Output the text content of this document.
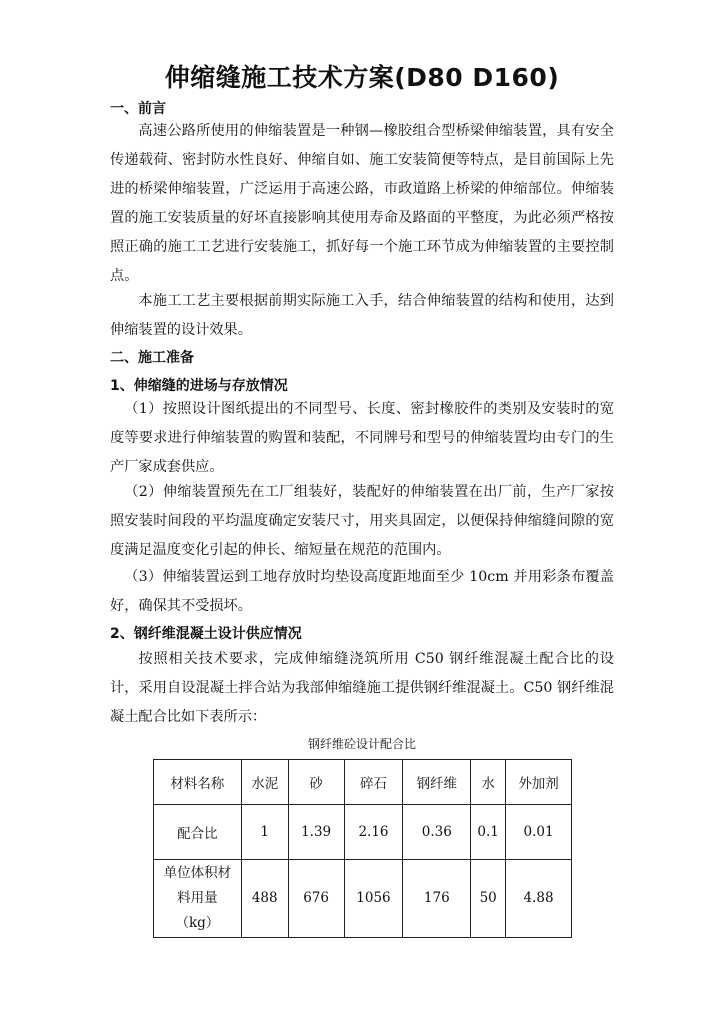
伸缩缝施工技术方案(D80 D160)
一、前言

高速公路所使用的伸缩装置是一种钢—橡胶组合型桥梁伸缩装置，具有安全传递载荷、密封防水性良好、伸缩自如、施工安装简便等特点，是目前国际上先进的桥梁伸缩装置，广泛运用于高速公路，市政道路上桥梁的伸缩部位。伸缩装置的施工安装质量的好坏直接影响其使用寿命及路面的平整度，为此必须严格按照正确的施工工艺进行安装施工，抓好每一个施工环节成为伸缩装置的主要控制点。

本施工工艺主要根据前期实际施工入手，结合伸缩装置的结构和使用，达到伸缩装置的设计效果。

二、施工准备
1、伸缩缝的进场与存放情况

（1）按照设计图纸提出的不同型号、长度、密封橡胶件的类别及安装时的宽度等要求进行伸缩装置的购置和装配，不同牌号和型号的伸缩装置均由专门的生产厂家成套供应。

（2）伸缩装置预先在工厂组装好，装配好的伸缩装置在出厂前，生产厂家按照安装时间段的平均温度确定安装尺寸，用夹具固定，以便保持伸缩缝间隙的宽度满足温度变化引起的伸长、缩短量在规范的范围内。

（3）伸缩装置运到工地存放时均垫设高度距地面至少 10cm 并用彩条布覆盖好，确保其不受损坏。

2、钢纤维混凝土设计供应情况

按照相关技术要求，完成伸缩缝浇筑所用 C50 钢纤维混凝土配合比的设计，采用自设混凝土拌合站为我部伸缩缝施工提供钢纤维混凝土。C50 钢纤维混凝土配合比如下表所示：

钢纤维砼设计配合比

材料名称	水泥	砂	碎石	钢纤维	水	外加剂
配合比	1	1.39	2.16	0.36	0.1	0.01
单位体积材
料用量
（kg）	488	676	1056	176	50	4.88
